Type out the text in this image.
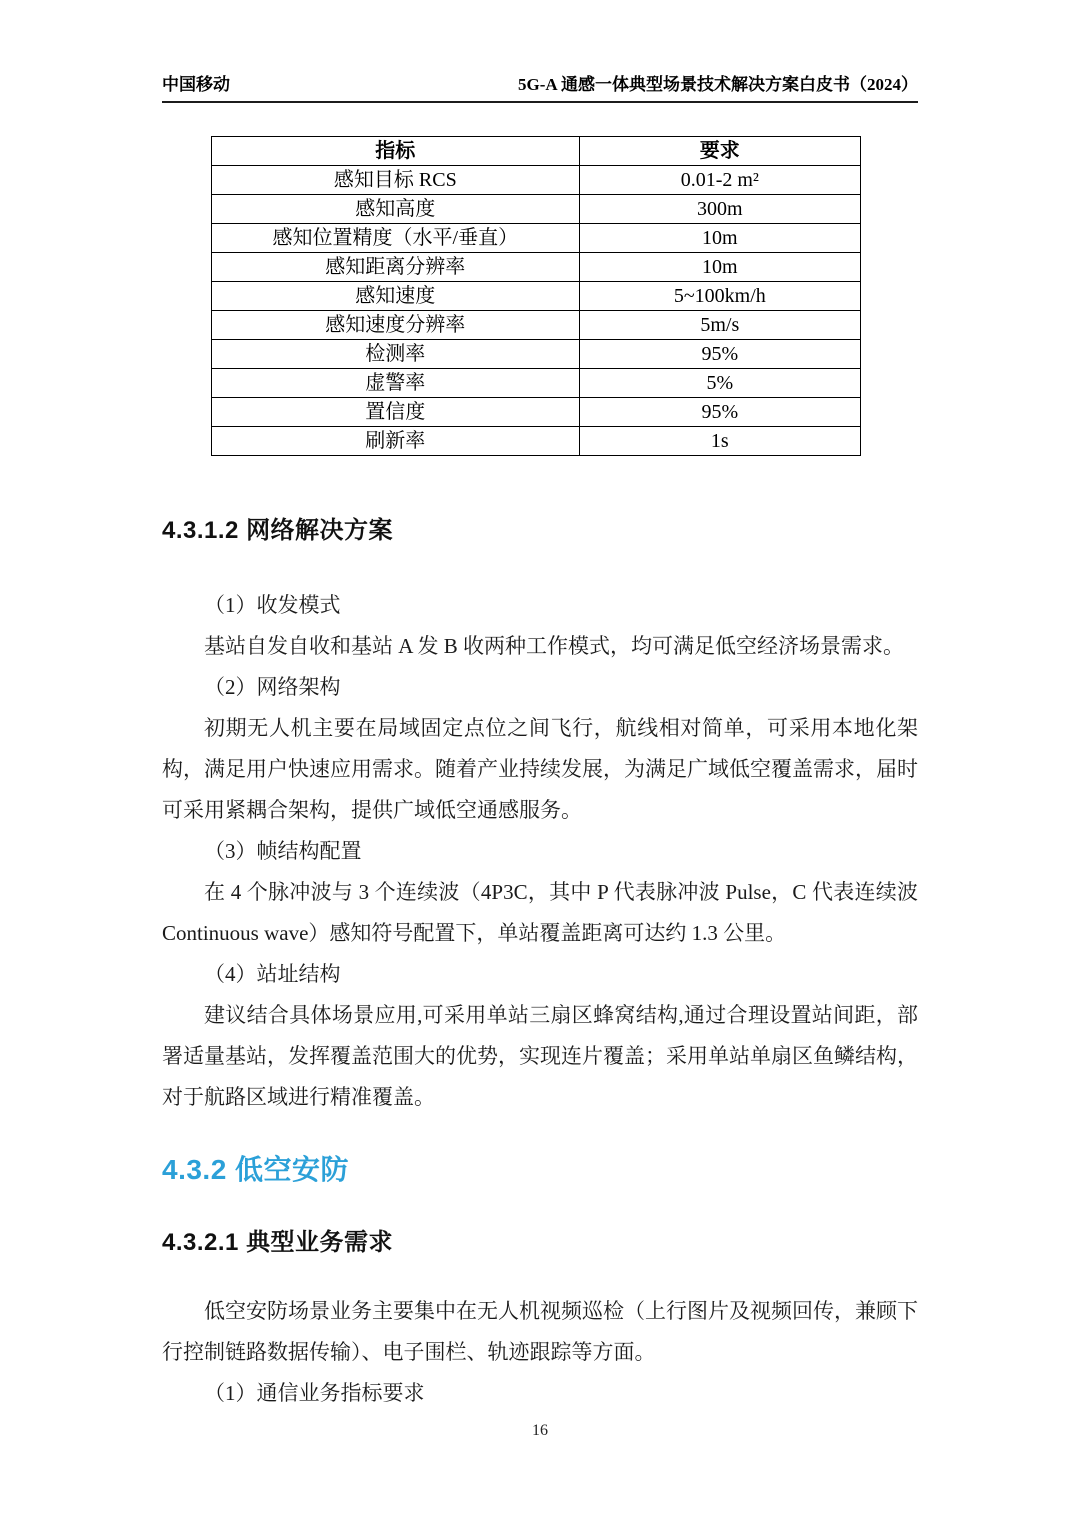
中国移动	5G-A 通感一体典型场景技术解决方案白皮书（2024）
指标	要求
感知目标 RCS	0.01-2 m²
感知高度	300m
感知位置精度（水平/垂直）	10m
感知距离分辨率	10m
感知速度	5~100km/h
感知速度分辨率	5m/s
检测率	95%
虚警率	5%
置信度	95%
刷新率	1s
4.3.1.2 网络解决方案

（1）收发模式

基站自发自收和基站 A 发 B 收两种工作模式，均可满足低空经济场景需求。

（2）网络架构

初期无人机主要在局域固定点位之间飞行，航线相对简单，可采用本地化架构，满足用户快速应用需求。随着产业持续发展，为满足广域低空覆盖需求，届时可采用紧耦合架构，提供广域低空通感服务。

（3）帧结构配置

在 4 个脉冲波与 3 个连续波（4P3C，其中 P 代表脉冲波 Pulse，C 代表连续波 Continuous wave）感知符号配置下，单站覆盖距离可达约 1.3 公里。

（4）站址结构

建议结合具体场景应用,可采用单站三扇区蜂窝结构,通过合理设置站间距，部署适量基站，发挥覆盖范围大的优势，实现连片覆盖；采用单站单扇区鱼鳞结构，对于航路区域进行精准覆盖。

4.3.2 低空安防
4.3.2.1 典型业务需求

低空安防场景业务主要集中在无人机视频巡检（上行图片及视频回传，兼顾下行控制链路数据传输）、电子围栏、轨迹跟踪等方面。

（1）通信业务指标要求

16
